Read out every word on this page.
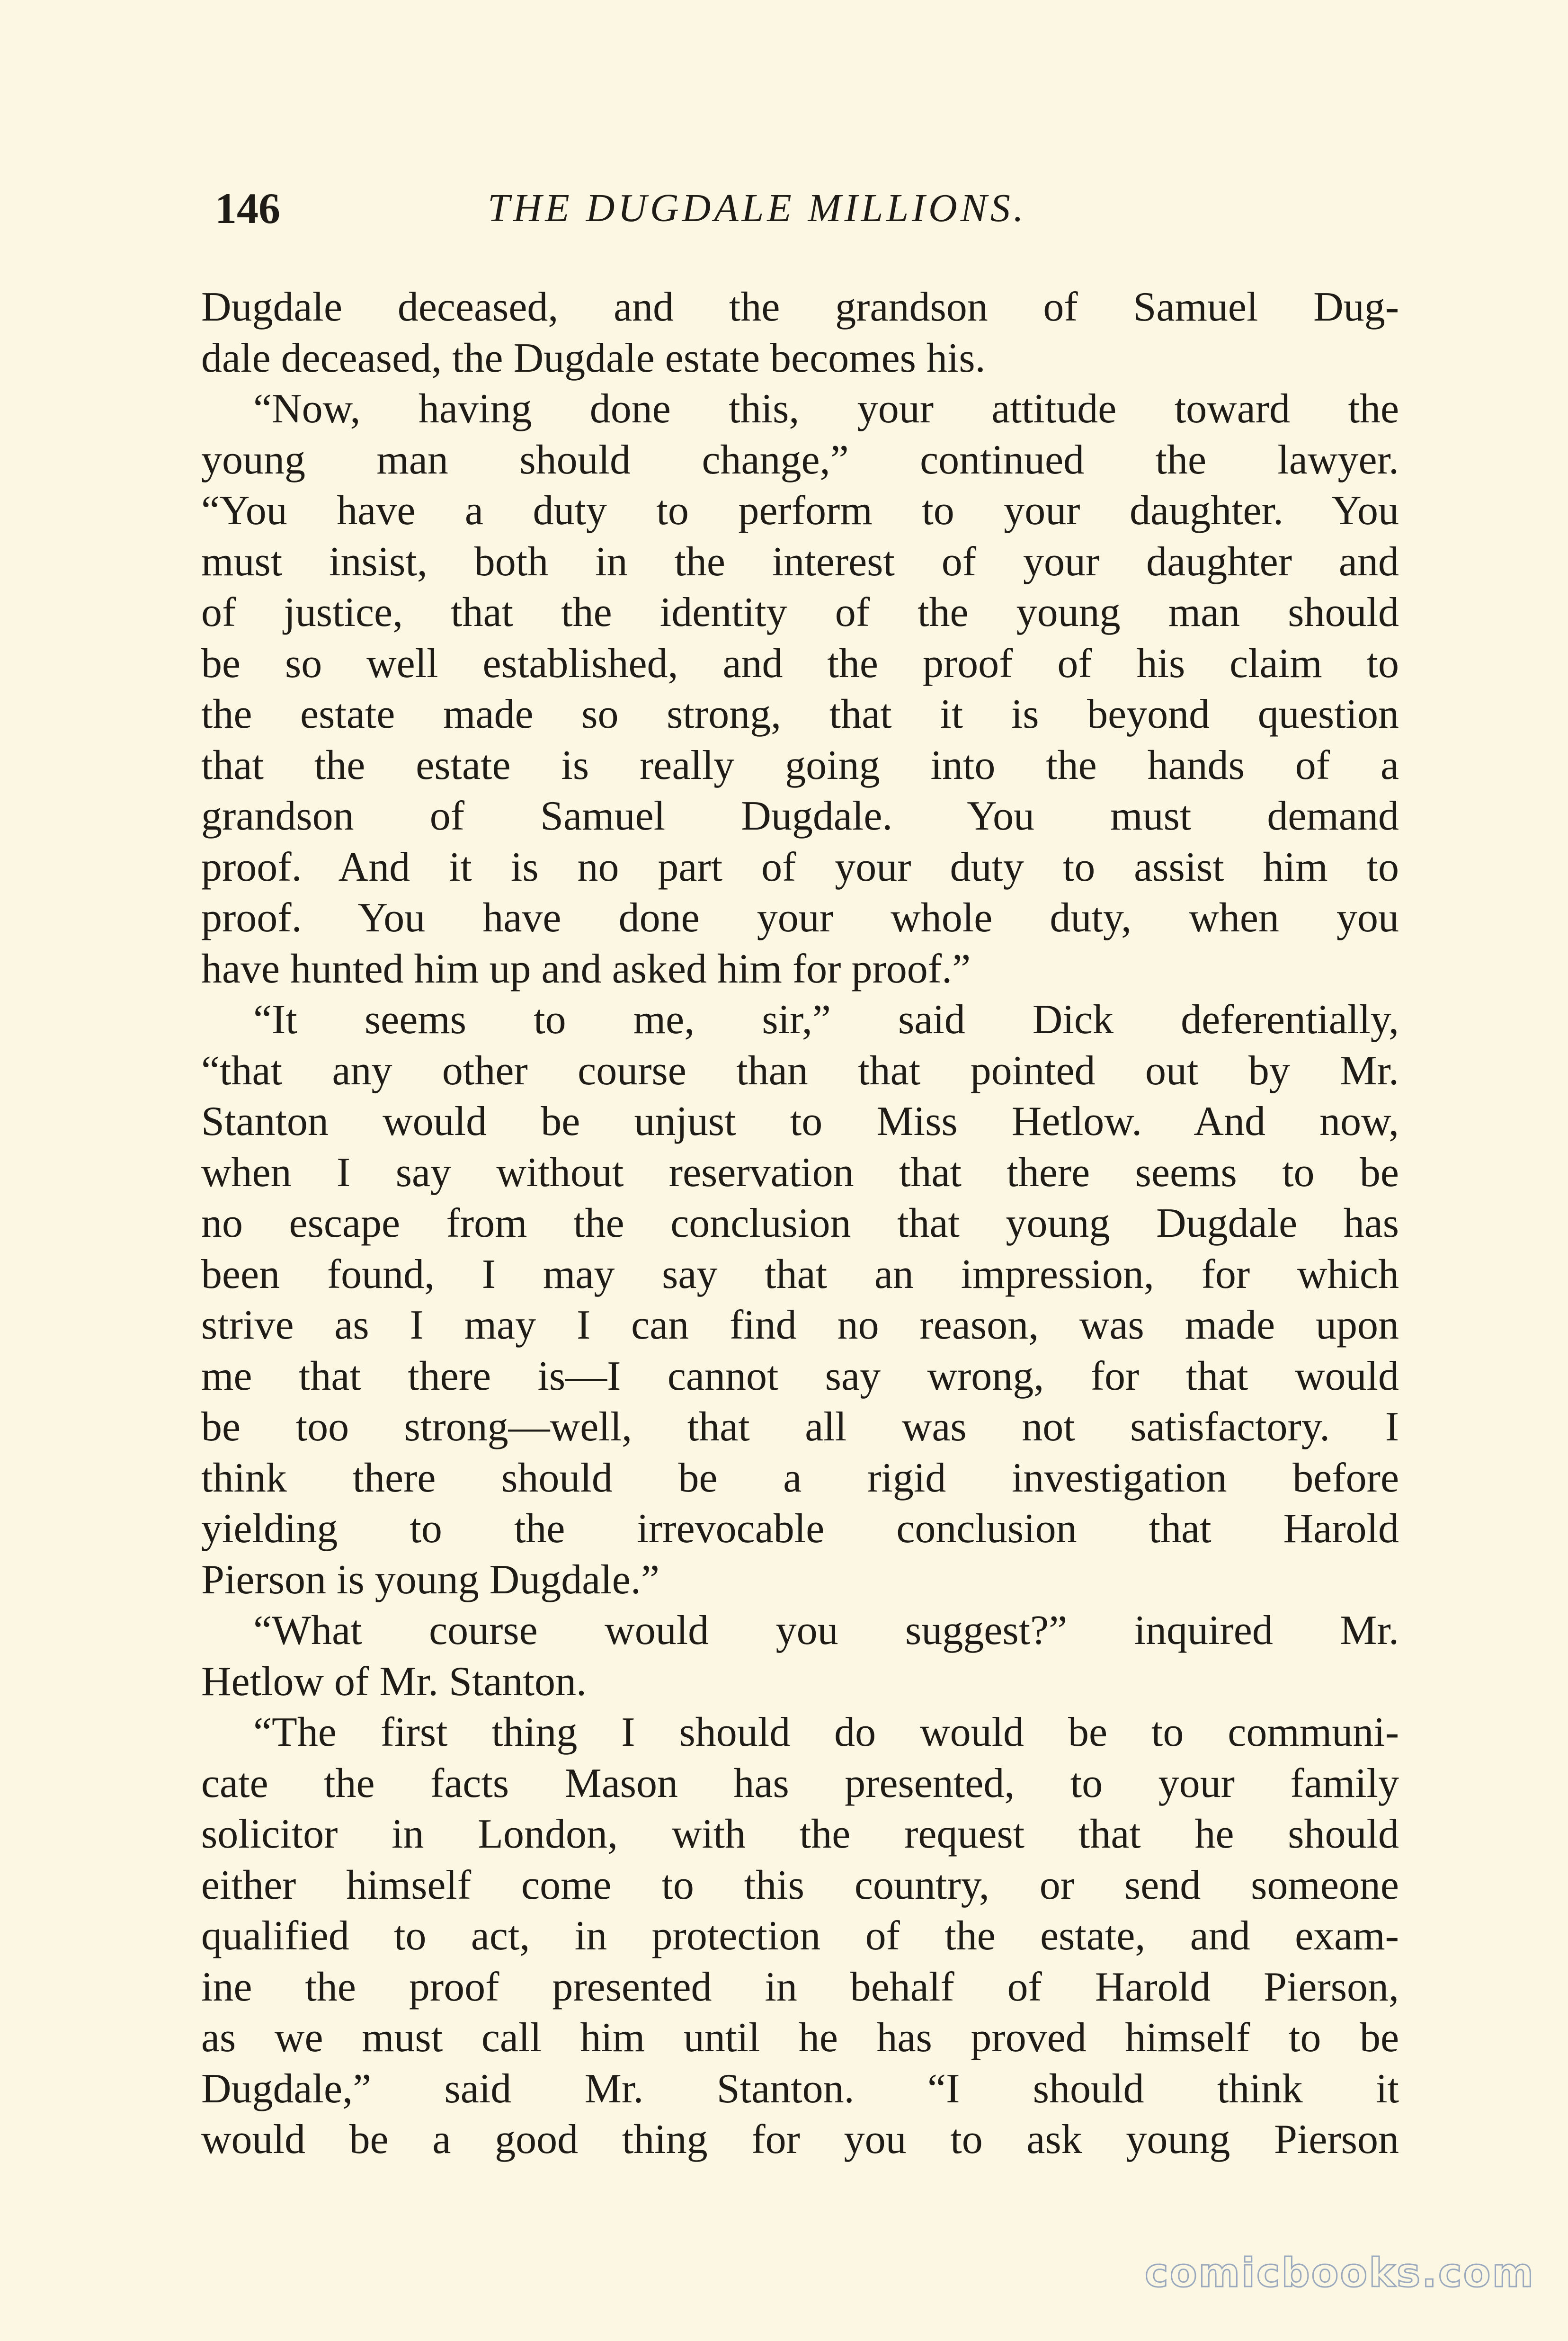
146	THE DUGDALE MILLIONS.
Dugdale deceased, and the grandson of Samuel Dug-
dale deceased, the Dugdale estate becomes his.
“Now, having done this, your attitude toward the
young man should change,” continued the lawyer.
“You have a duty to perform to your daughter. You
must insist, both in the interest of your daughter and
of justice, that the identity of the young man should
be so well established, and the proof of his claim to
the estate made so strong, that it is beyond question
that the estate is really going into the hands of a
grandson of Samuel Dugdale. You must demand
proof. And it is no part of your duty to assist him to
proof. You have done your whole duty, when you
have hunted him up and asked him for proof.”
“It seems to me, sir,” said Dick deferentially,
“that any other course than that pointed out by Mr.
Stanton would be unjust to Miss Hetlow. And now,
when I say without reservation that there seems to be
no escape from the conclusion that young Dugdale has
been found, I may say that an impression, for which
strive as I may I can find no reason, was made upon
me that there is—I cannot say wrong, for that would
be too strong—well, that all was not satisfactory. I
think there should be a rigid investigation before
yielding to the irrevocable conclusion that Harold
Pierson is young Dugdale.”
“What course would you suggest?” inquired Mr.
Hetlow of Mr. Stanton.
“The first thing I should do would be to communi-
cate the facts Mason has presented, to your family
solicitor in London, with the request that he should
either himself come to this country, or send someone
qualified to act, in protection of the estate, and exam-
ine the proof presented in behalf of Harold Pierson,
as we must call him until he has proved himself to be
Dugdale,” said Mr. Stanton. “I should think it
would be a good thing for you to ask young Pierson
comicbooks.com
